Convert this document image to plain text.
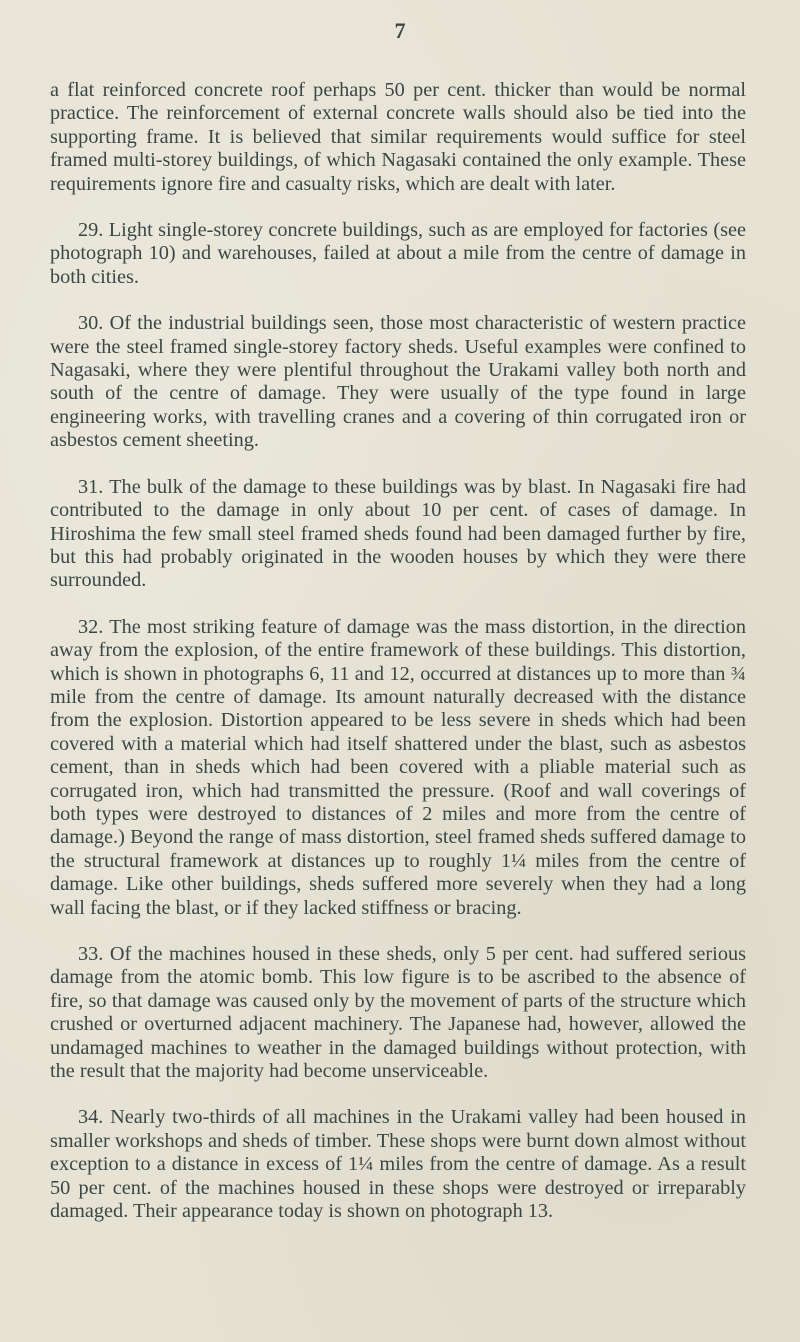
7

a flat reinforced concrete roof perhaps 50 per cent. thicker than would be normal practice. The reinforcement of external concrete walls should also be tied into the supporting frame. It is believed that similar requirements would suffice for steel framed multi-storey buildings, of which Nagasaki contained the only example. These requirements ignore fire and casualty risks, which are dealt with later.

29. Light single-storey concrete buildings, such as are employed for factories (see photograph 10) and warehouses, failed at about a mile from the centre of damage in both cities.

30. Of the industrial buildings seen, those most characteristic of western practice were the steel framed single-storey factory sheds. Useful examples were confined to Nagasaki, where they were plentiful throughout the Urakami valley both north and south of the centre of damage. They were usually of the type found in large engineering works, with travelling cranes and a covering of thin corrugated iron or asbestos cement sheeting.

31. The bulk of the damage to these buildings was by blast. In Nagasaki fire had contributed to the damage in only about 10 per cent. of cases of damage. In Hiroshima the few small steel framed sheds found had been damaged further by fire, but this had probably originated in the wooden houses by which they were there surrounded.

32. The most striking feature of damage was the mass distortion, in the direction away from the explosion, of the entire framework of these buildings. This distortion, which is shown in photographs 6, 11 and 12, occurred at distances up to more than ¾ mile from the centre of damage. Its amount naturally decreased with the distance from the explosion. Distortion appeared to be less severe in sheds which had been covered with a material which had itself shattered under the blast, such as asbestos cement, than in sheds which had been covered with a pliable material such as corrugated iron, which had transmitted the pressure. (Roof and wall coverings of both types were destroyed to distances of 2 miles and more from the centre of damage.) Beyond the range of mass distortion, steel framed sheds suffered damage to the structural framework at distances up to roughly 1¼ miles from the centre of damage. Like other buildings, sheds suffered more severely when they had a long wall facing the blast, or if they lacked stiffness or bracing.

33. Of the machines housed in these sheds, only 5 per cent. had suffered serious damage from the atomic bomb. This low figure is to be ascribed to the absence of fire, so that damage was caused only by the movement of parts of the structure which crushed or overturned adjacent machinery. The Japanese had, however, allowed the undamaged machines to weather in the damaged buildings without protection, with the result that the majority had become unserviceable.

34. Nearly two-thirds of all machines in the Urakami valley had been housed in smaller workshops and sheds of timber. These shops were burnt down almost without exception to a distance in excess of 1¼ miles from the centre of damage. As a result 50 per cent. of the machines housed in these shops were destroyed or irreparably damaged. Their appearance today is shown on photograph 13.
